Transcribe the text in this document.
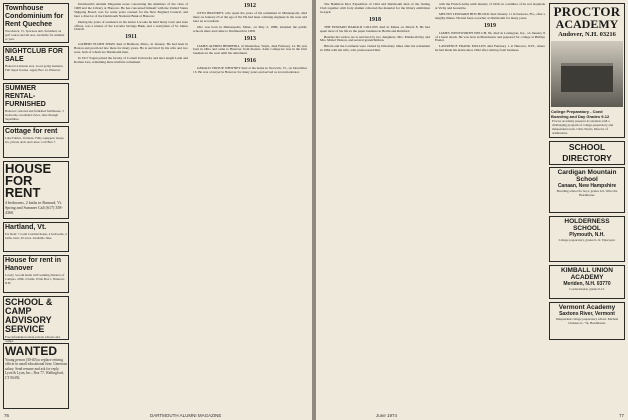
Townhouse Condominium for Rent Quechee
Woodstock, Vt. Spacious unit, furnished, on golf course and ski area. Available for summer or year.
NIGHTCLUB FOR SALE
Hanover-Lebanon area. Good going business. Full liquor license. Apply Box 12, Hanover.
SUMMER RENTAL-FURNISHED
Hanover: restored and furnished farmhouse, 3 bedrooms, woodland views, June through September.
Cottage for rent
Lake Fairlee, Vermont. Fully equipped, sleeps six, private dock and canoe. Call Box 7.
HOUSE FOR RENT
4 bedrooms, 2 baths in Barnard, Vt. Spring and Summer Call (617) 358-4360.
Hartland, Vt.
For Rent: 7 room Colonial house, 4 bedrooms, 2 baths, barn, 20 acres. Available June.
House for rent in Hanover
Lovely 3-room home with walking distance of Campus. 4 BR, 2 baths. Write Box 1, Hanover, N.H.
SCHOOL & CAMP ADVISORY SERVICE
Free information about private schools and camps.
WANTED
Young person (30-40) to replace retiring officer in small educational firm. Generous salary. Send resume and ask for reply. Lyon & Lyon, Inc., Box 77, Wallingford, CT 06492.

Dartmouth's Alumni Magazine notes concerning the members of the class of 1908 and the Library at Hanover. He has concerned himself with the United States Shipping Board, was for some years counsel for the New England Council, and later a director of the Dartmouth National Bank at Hanover.

During the years of residence in his native Laconia he held many town and state offices, was a trustee of the Laconia Savings Bank, and a vestryman of St. James Church.

1911

GILBERT ELDEN SHAW died at Belmont, Mass., in January. He had been in Boston and practiced law there for many years. He is survived by his wife and two sons, both of whom are Dartmouth men.

In 1917 Sagan joined the faculty of Cornell University and later taught Latin and Roman Law, remaining there until his retirement.

1912

OTTO BRUNKEY, who spent the years of his retirement in Minneapolis, died there on January 25 at the age of 84. He had been a mining engineer in the west and later an accountant.

Otto was born in Minneapolis, Minn., on May 2, 1889, attended the public schools there and came to Dartmouth in 1908.

1913

JAMES ALFRED HEMPHILL of Wenatchee, Wash., died February 14. He was born in Ohio and came to Hanover from Stearns. After college he was in the fruit business in the west until his retirement.

1916

GERALD VIRTUE WHITNEY died at his home in Norwich, Vt., on December 15. He was a lawyer in Hanover for many years and served as town moderator.

76	DARTMOUTH ALUMNI MAGAZINE

The Hamilton Rice Expedition of 1924 and Dartmouth men of the Outing Club together with forty alumni collected the material for the library exhibition in April.

1918

THE EDWARD HAROLD COLLINS died in Maine on March 8. He had spent most of his life in the paper business in Berlin and Rumford.

Besides his widow, he is survived by two daughters, Mrs. Elizabeth Day and Mrs. Mabel Weston, and several grandchildren.

Britain and the Continent were visited by him many times after his retirement in 1962 with his wife, who predeceased him.

with the French Army until January of 1920, in a number of its war hospitals at Vichy and Grenoble.

MELVIN LEONARD HITCHCOCK died January 11 in Sarasota, Fla., after a lengthy illness. He had been a teacher at Dartmouth for many years.

1919

JAMES WENTWORTH WELCH, 84, died in Lexington, Ky., on January 8 of a heart attack. He was born in Manchester and prepared for college at Phillips Exeter.

LAWRENCE FRANK MULLEN died February 1 at Hanover, N.H., where he had made his home since 1962 after retiring from business.

PROCTOR
ACADEMY
Andover, N.H. 03216
College Preparatory - Coed
Boarding and Day Grades 9-12
Proctor Academy prepares its students with a challenging program of college-preparatory and independent work. Chris Norris, Director of Admissions.
SCHOOL DIRECTORY
Cardigan Mountain School
Canaan, New Hampshire
Boarding school for boys, grades 6-9. Write the Headmaster.
HOLDERNESS SCHOOL
Plymouth, N.H.
College preparatory, grades 9-12. Episcopal.
KIMBALL UNION ACADEMY
Meriden, N.H. 03770
Coeducational, grades 9-12.
Vermont Academy
Saxtons River, Vermont
Independent college preparatory school. Michael Choukas Jr., '54, Headmaster.
June 1974	77
